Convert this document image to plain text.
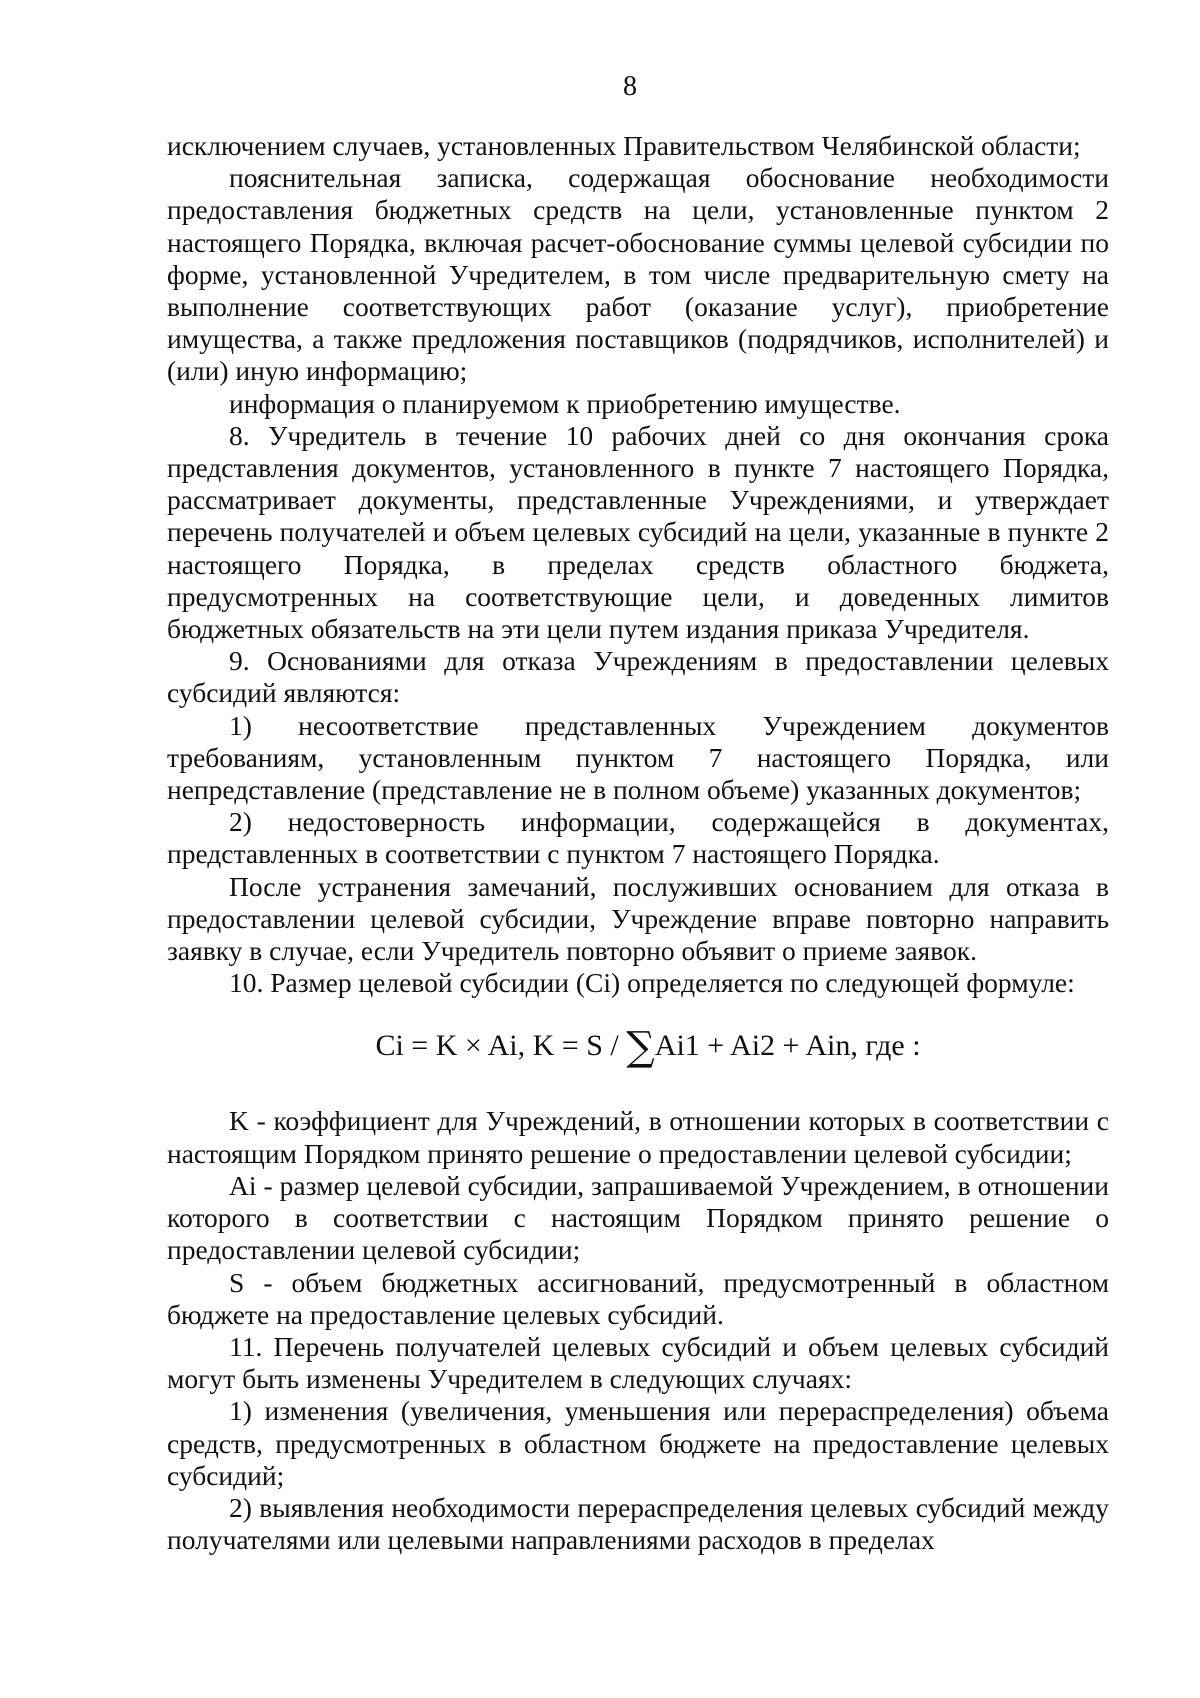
8

исключением случаев, установленных Правительством Челябинской области;

пояснительная записка, содержащая обоснование необходимости предоставления бюджетных средств на цели, установленные пунктом 2 настоящего Порядка, включая расчет-обоснование суммы целевой субсидии по форме, установленной Учредителем, в том числе предварительную смету на выполнение соответствующих работ (оказание услуг), приобретение имущества, а также предложения поставщиков (подрядчиков, исполнителей) и (или) иную информацию;

информация о планируемом к приобретению имуществе.

8. Учредитель в течение 10 рабочих дней со дня окончания срока представления документов, установленного в пункте 7 настоящего Порядка, рассматривает документы, представленные Учреждениями, и утверждает перечень получателей и объем целевых субсидий на цели, указанные в пункте 2 настоящего Порядка, в пределах средств областного бюджета, предусмотренных на соответствующие цели, и доведенных лимитов бюджетных обязательств на эти цели путем издания приказа Учредителя.

9. Основаниями для отказа Учреждениям в предоставлении целевых субсидий являются:

1) несоответствие представленных Учреждением документов требованиям, установленным пунктом 7 настоящего Порядка, или непредставление (представление не в полном объеме) указанных документов;

2) недостоверность информации, содержащейся в документах, представленных в соответствии с пунктом 7 настоящего Порядка.

После устранения замечаний, послуживших основанием для отказа в предоставлении целевой субсидии, Учреждение вправе повторно направить заявку в случае, если Учредитель повторно объявит о приеме заявок.

10. Размер целевой субсидии (Ci) определяется по следующей формуле:

Ci = K × Ai, K = S / ∑Ai1 + Ai2 + Ain, где :

K - коэффициент для Учреждений, в отношении которых в соответствии с настоящим Порядком принято решение о предоставлении целевой субсидии;

Ai - размер целевой субсидии, запрашиваемой Учреждением, в отношении которого в соответствии с настоящим Порядком принято решение о предоставлении целевой субсидии;

S - объем бюджетных ассигнований, предусмотренный в областном бюджете на предоставление целевых субсидий.

11. Перечень получателей целевых субсидий и объем целевых субсидий могут быть изменены Учредителем в следующих случаях:

1) изменения (увеличения, уменьшения или перераспределения) объема средств, предусмотренных в областном бюджете на предоставление целевых субсидий;

2) выявления необходимости перераспределения целевых субсидий между получателями или целевыми направлениями расходов в пределах
